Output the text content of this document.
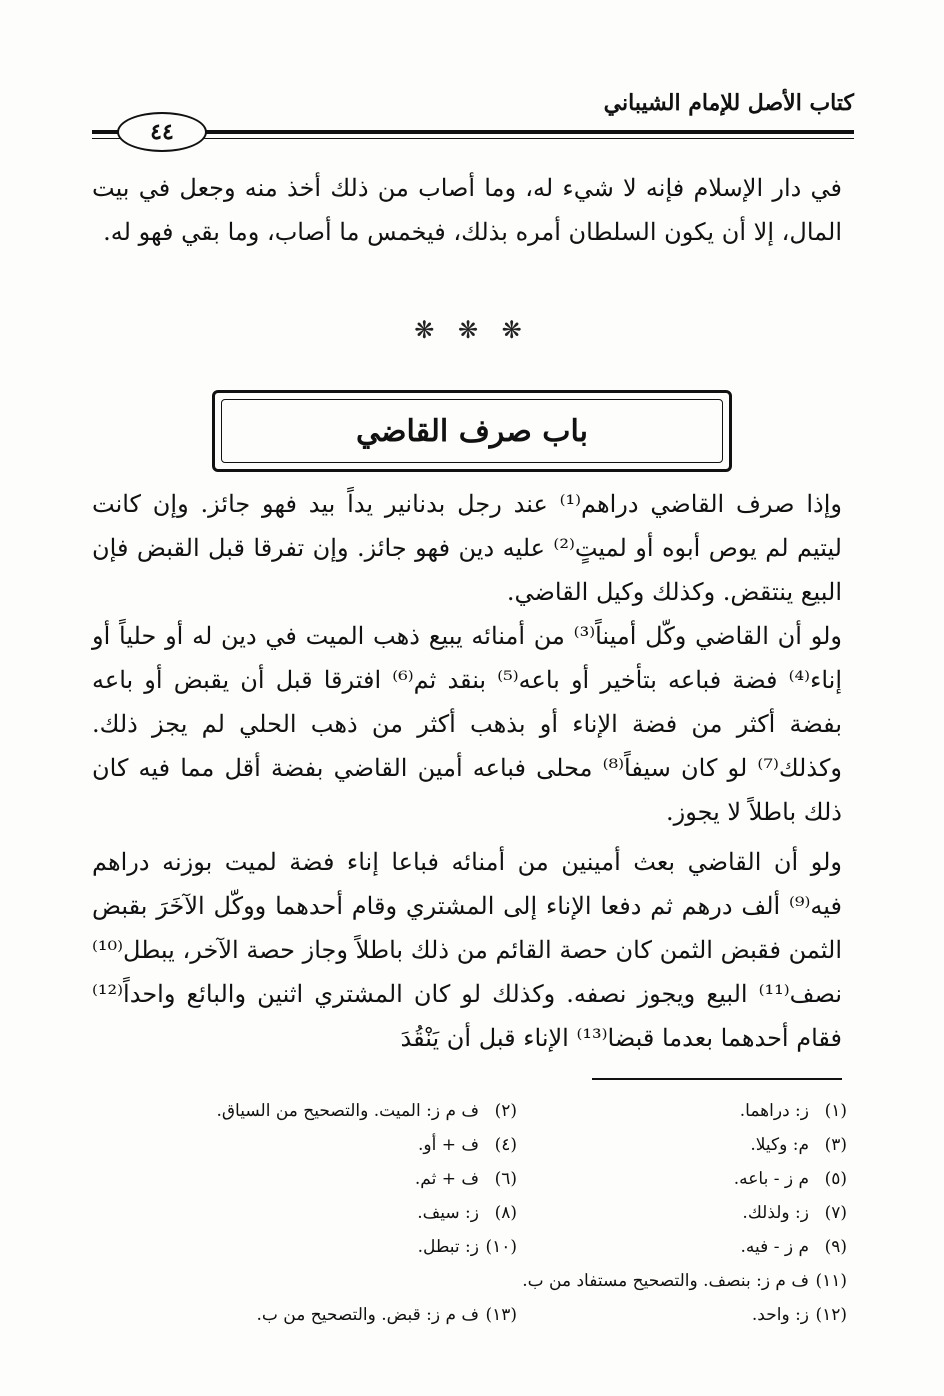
كتاب الأصل للإمام الشيباني
٤٤

في دار الإسلام فإنه لا شيء له، وما أصاب من ذلك أخذ منه وجعل في بيت المال، إلا أن يكون السلطان أمره بذلك، فيخمس ما أصاب، وما بقي فهو له.

❋ ❋ ❋
باب صرف القاضي

وإذا صرف القاضي دراهم⁽¹⁾ عند رجل بدنانير يداً بيد فهو جائز. وإن كانت ليتيم لم يوص أبوه أو لميتٍ⁽²⁾ عليه دين فهو جائز. وإن تفرقا قبل القبض فإن البيع ينتقض. وكذلك وكيل القاضي.

ولو أن القاضي وكّل أميناً⁽³⁾ من أمنائه يبيع ذهب الميت في دين له أو حلياً أو إناء⁽⁴⁾ فضة فباعه بتأخير أو باعه⁽⁵⁾ بنقد ثم⁽⁶⁾ افترقا قبل أن يقبض أو باعه بفضة أكثر من فضة الإناء أو بذهب أكثر من ذهب الحلي لم يجز ذلك. وكذلك⁽⁷⁾ لو كان سيفاً⁽⁸⁾ محلى فباعه أمين القاضي بفضة أقل مما فيه كان ذلك باطلاً لا يجوز.

ولو أن القاضي بعث أمينين من أمنائه فباعا إناء فضة لميت بوزنه دراهم فيه⁽⁹⁾ ألف درهم ثم دفعا الإناء إلى المشتري وقام أحدهما ووكّل الآخَرَ بقبض الثمن فقبض الثمن كان حصة القائم من ذلك باطلاً وجاز حصة الآخر، يبطل⁽¹⁰⁾ نصف⁽¹¹⁾ البيع ويجوز نصفه. وكذلك لو كان المشتري اثنين والبائع واحداً⁽¹²⁾ فقام أحدهما بعدما قبضا⁽¹³⁾ الإناء قبل أن يَنْقُدَ

(١)ز: دراهما.
(٢)ف م ز: الميت. والتصحيح من السياق.
(٣)م: وكيلا.
(٤)ف + أو.
(٥)م ز - باعه.
(٦)ف + ثم.
(٧)ز: ولذلك.
(٨)ز: سيف.
(٩)م ز - فيه.
(١٠)ز: تبطل.
(١١)ف م ز: بنصف. والتصحيح مستفاد من ب.
(١٢)ز: واحد.
(١٣)ف م ز: قبض. والتصحيح من ب.
